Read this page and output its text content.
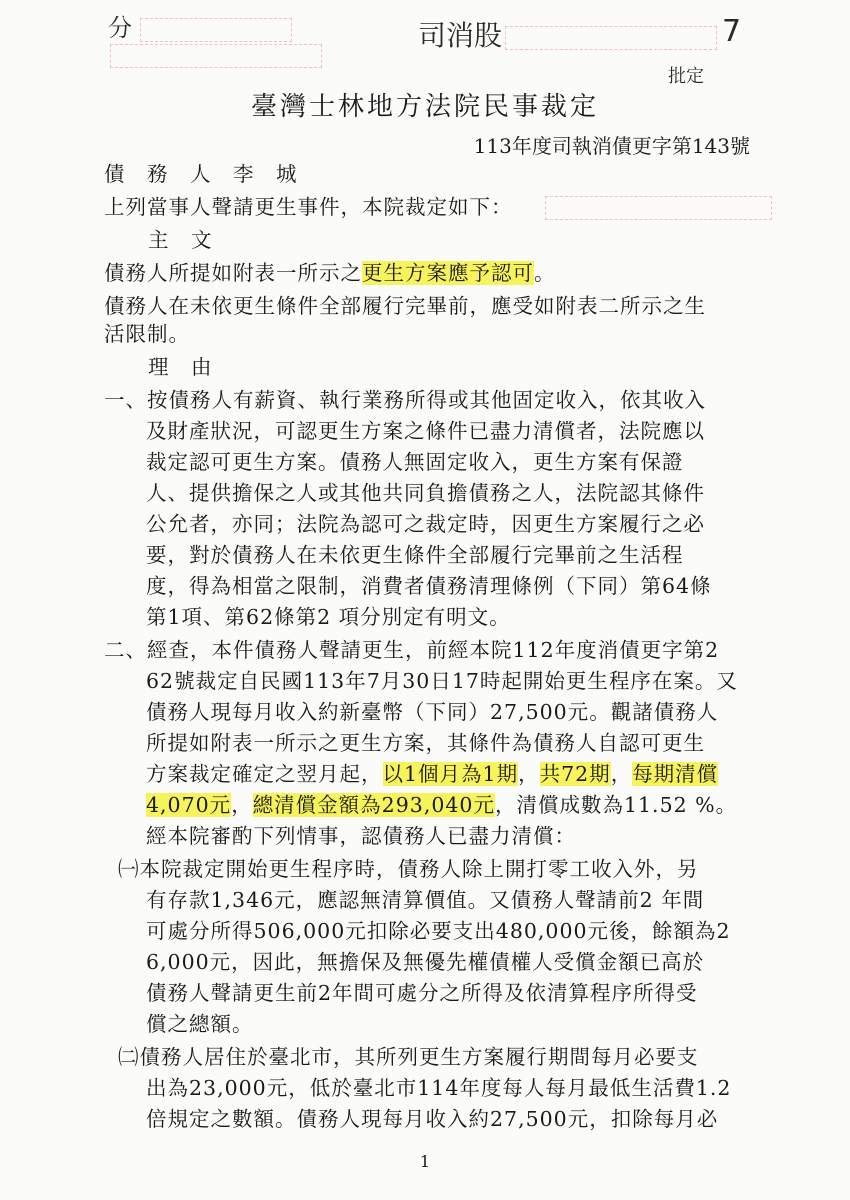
分	司消股	7
批定
臺灣士林地方法院民事裁定
113年度司執消債更字第143號
債　務　人　李　城
上列當事人聲請更生事件，本院裁定如下：
主　文
債務人所提如附表一所示之更生方案應予認可。
債務人在未依更生條件全部履行完畢前，應受如附表二所示之生
活限制。
理　由
一、按債務人有薪資、執行業務所得或其他固定收入，依其收入
及財產狀況，可認更生方案之條件已盡力清償者，法院應以
裁定認可更生方案。債務人無固定收入，更生方案有保證
人、提供擔保之人或其他共同負擔債務之人，法院認其條件
公允者，亦同；法院為認可之裁定時，因更生方案履行之必
要，對於債務人在未依更生條件全部履行完畢前之生活程
度，得為相當之限制，消費者債務清理條例（下同）第64條
第1項、第62條第2 項分別定有明文。
二、經查，本件債務人聲請更生，前經本院112年度消債更字第2
62號裁定自民國113年7月30日17時起開始更生程序在案。又
債務人現每月收入約新臺幣（下同）27,500元。觀諸債務人
所提如附表一所示之更生方案，其條件為債務人自認可更生
方案裁定確定之翌月起，以1個月為1期，共72期，每期清償
4,070元，總清償金額為293,040元，清償成數為11.52 %。
經本院審酌下列情事，認債務人已盡力清償：
㈠本院裁定開始更生程序時，債務人除上開打零工收入外，另
有存款1,346元，應認無清算價值。又債務人聲請前2 年間
可處分所得506,000元扣除必要支出480,000元後，餘額為2
6,000元，因此，無擔保及無優先權債權人受償金額已高於
債務人聲請更生前2年間可處分之所得及依清算程序所得受
償之總額。
㈡債務人居住於臺北市，其所列更生方案履行期間每月必要支
出為23,000元，低於臺北市114年度每人每月最低生活費1.2
倍規定之數額。債務人現每月收入約27,500元，扣除每月必
1
